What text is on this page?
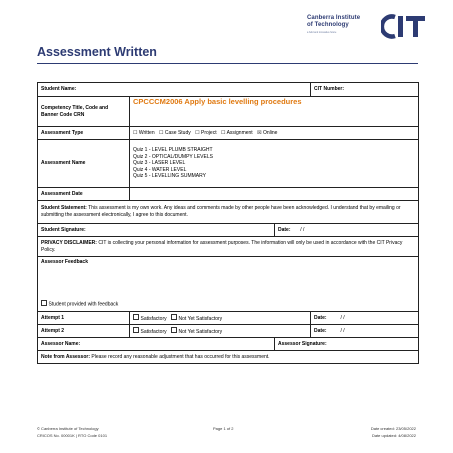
Canberra Institute
of Technology
a bold and innovative future
Assessment Written
Student Name:			CIT Number:
Competency Title, Code and Banner Code CRN	CPCCCM2006 Apply basic levelling procedures		
Assessment Type	☐ Written ☐ Case Study ☐ Project ☐ Assignment ☒ Online		
Assessment Name	Quiz 1 - LEVEL PLUMB STRAIGHT
Quiz 2 - OPTICAL/DUMPY LEVELS
Quiz 3 - LASER LEVEL
Quiz 4 - WATER LEVEL
Quiz 5 - LEVELLING SUMMARY		

Assessment Date			
Student Statement: This assessment is my own work. Any ideas and comments made by other people have been acknowledged. I understand that by emailing or submitting the assessment electronically, I agree to this document.			
Student Signature:		Date: / /	
PRIVACY DISCLAIMER: CIT is collecting your personal information for assessment purposes. The information will only be used in accordance with the CIT Privacy Policy.			

Assessor Feedback
Student provided with feedback			

Attempt 1	Satisfactory Not Yet Satisfactory		Date: / /
Attempt 2	Satisfactory Not Yet Satisfactory		Date: / /
Assessor Name:		Assessor Signature:	
Note from Assessor: Please record any reasonable adjustment that has occurred for this assessment.			
© Canberra Institute of Technology
CRICOS No. 00001K | RTO Code 0101
Page 1 of 2	Date created: 23/05/2022
Date updated: 4/08/2022
